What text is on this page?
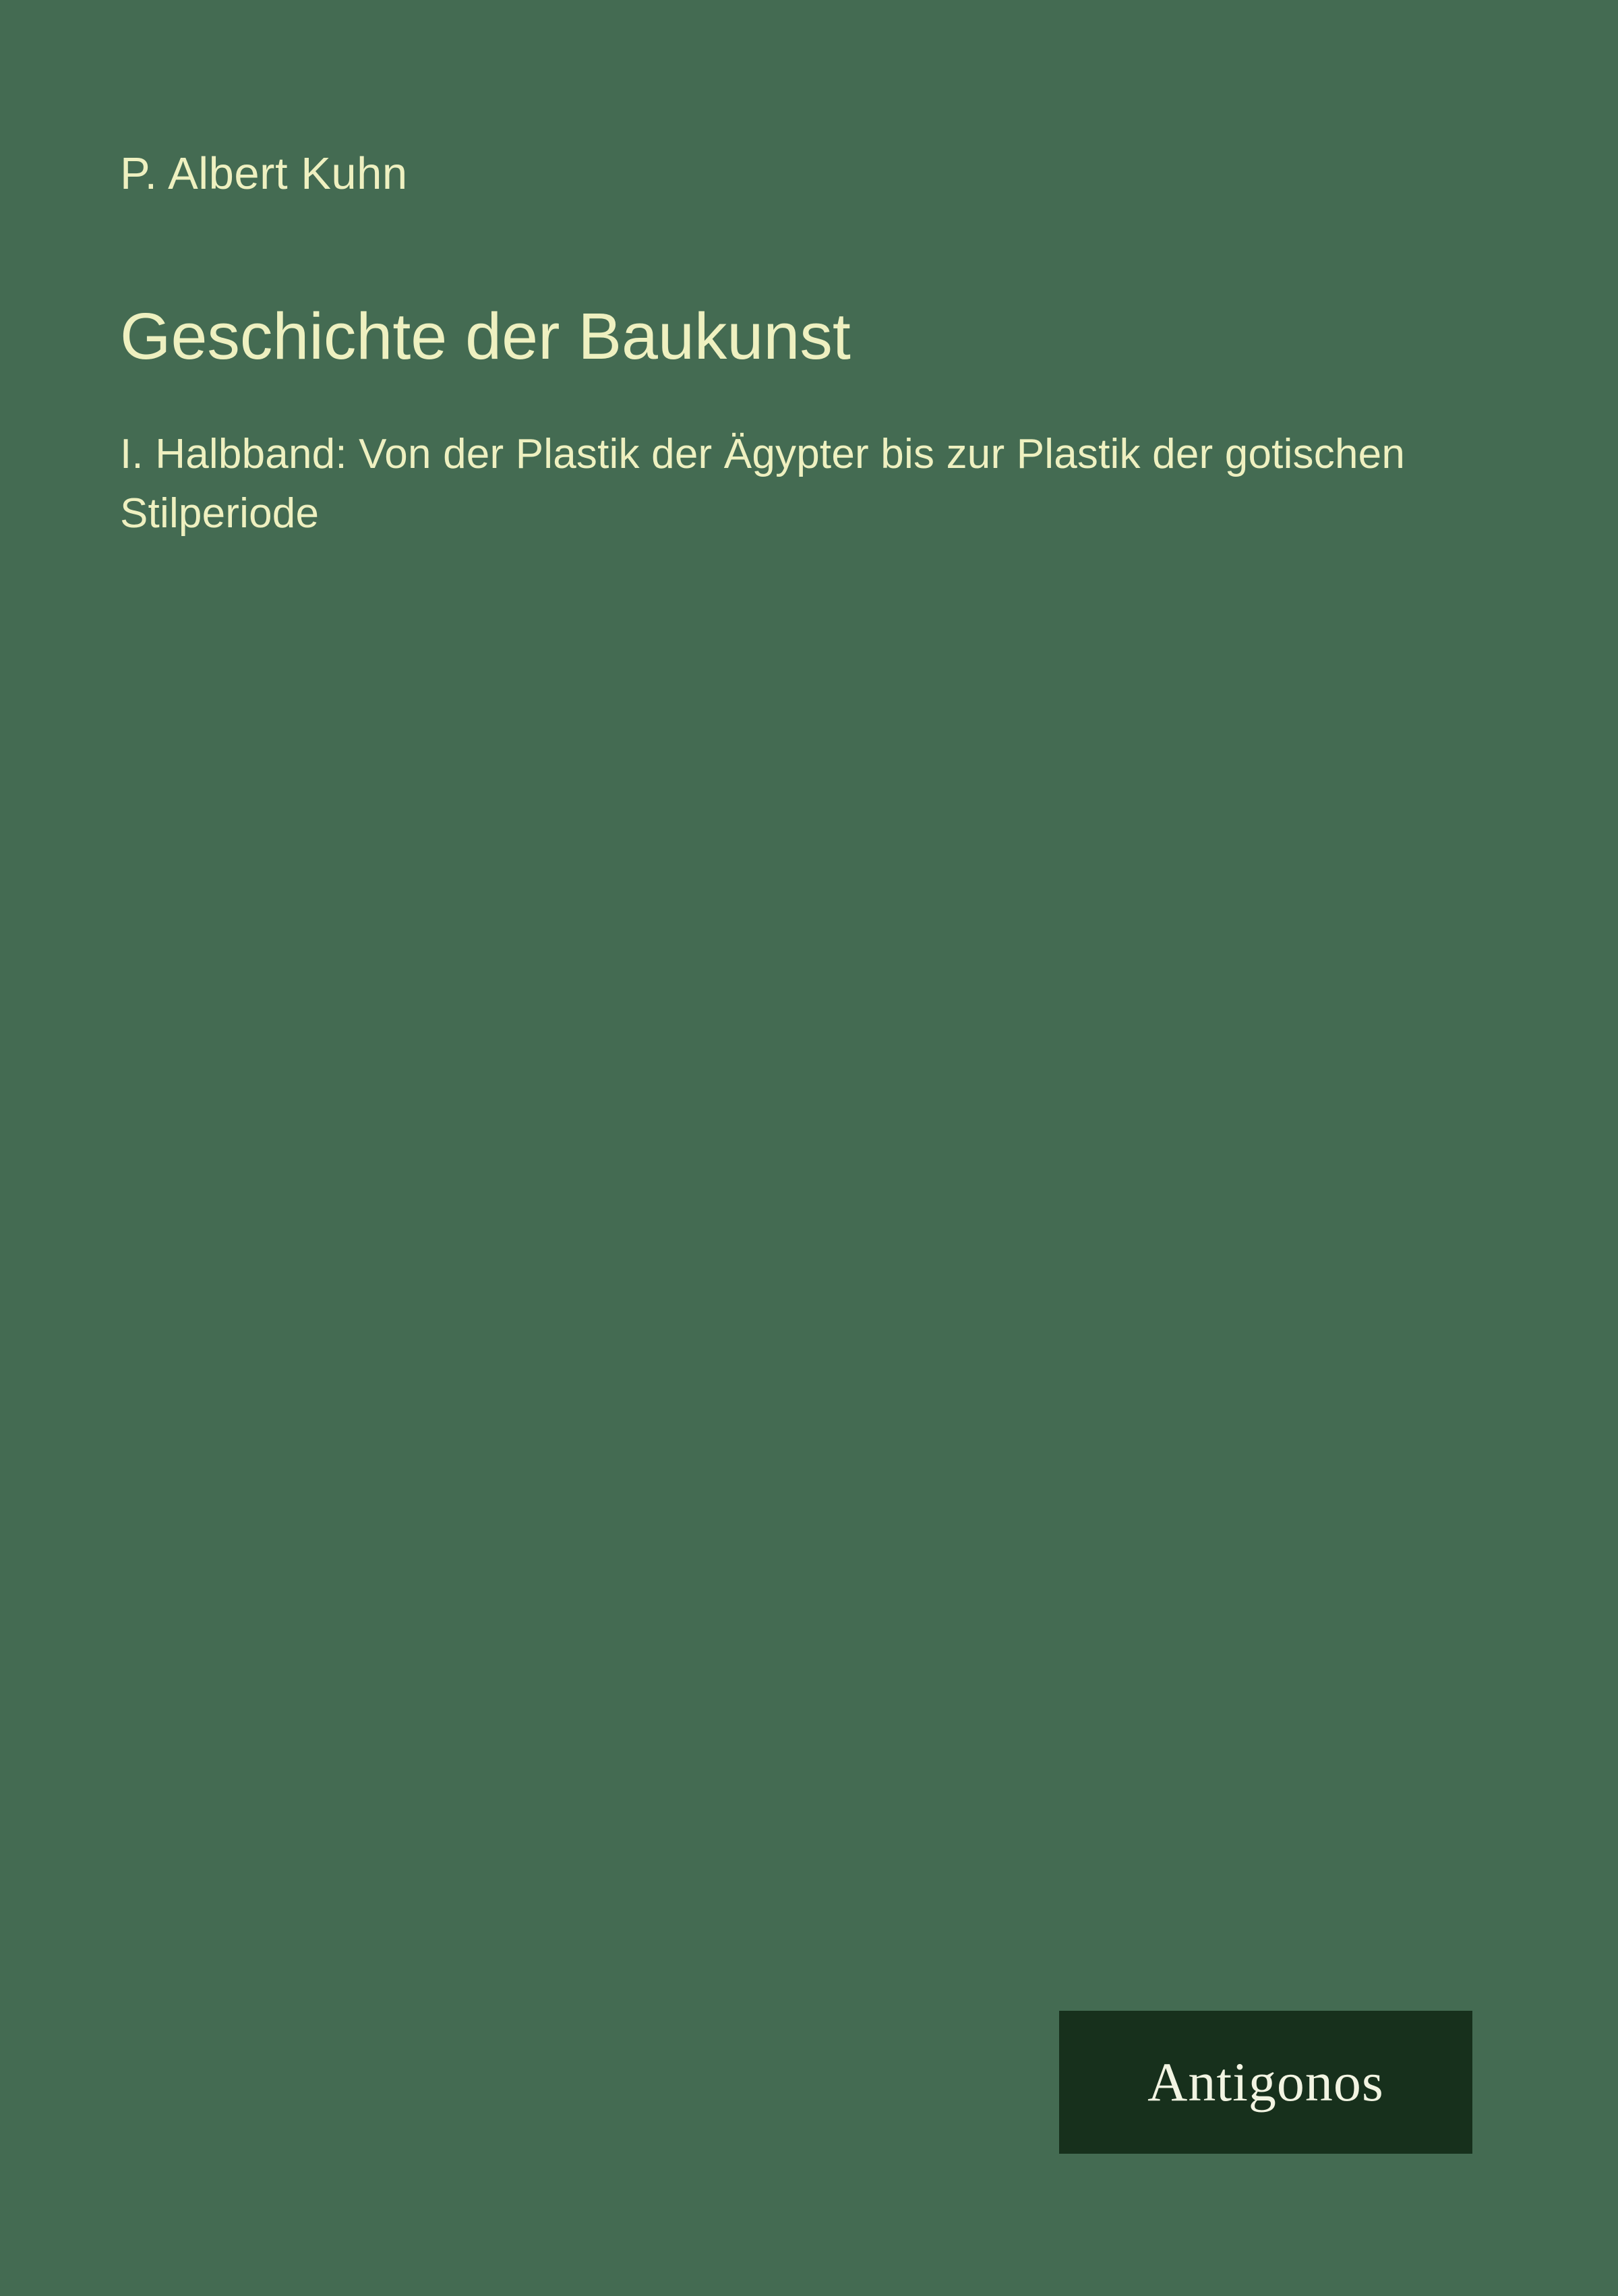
P. Albert Kuhn
Geschichte der Baukunst
I. Halbband: Von der Plastik der Ägypter bis zur Plastik der gotischen Stilperiode
Antigonos
